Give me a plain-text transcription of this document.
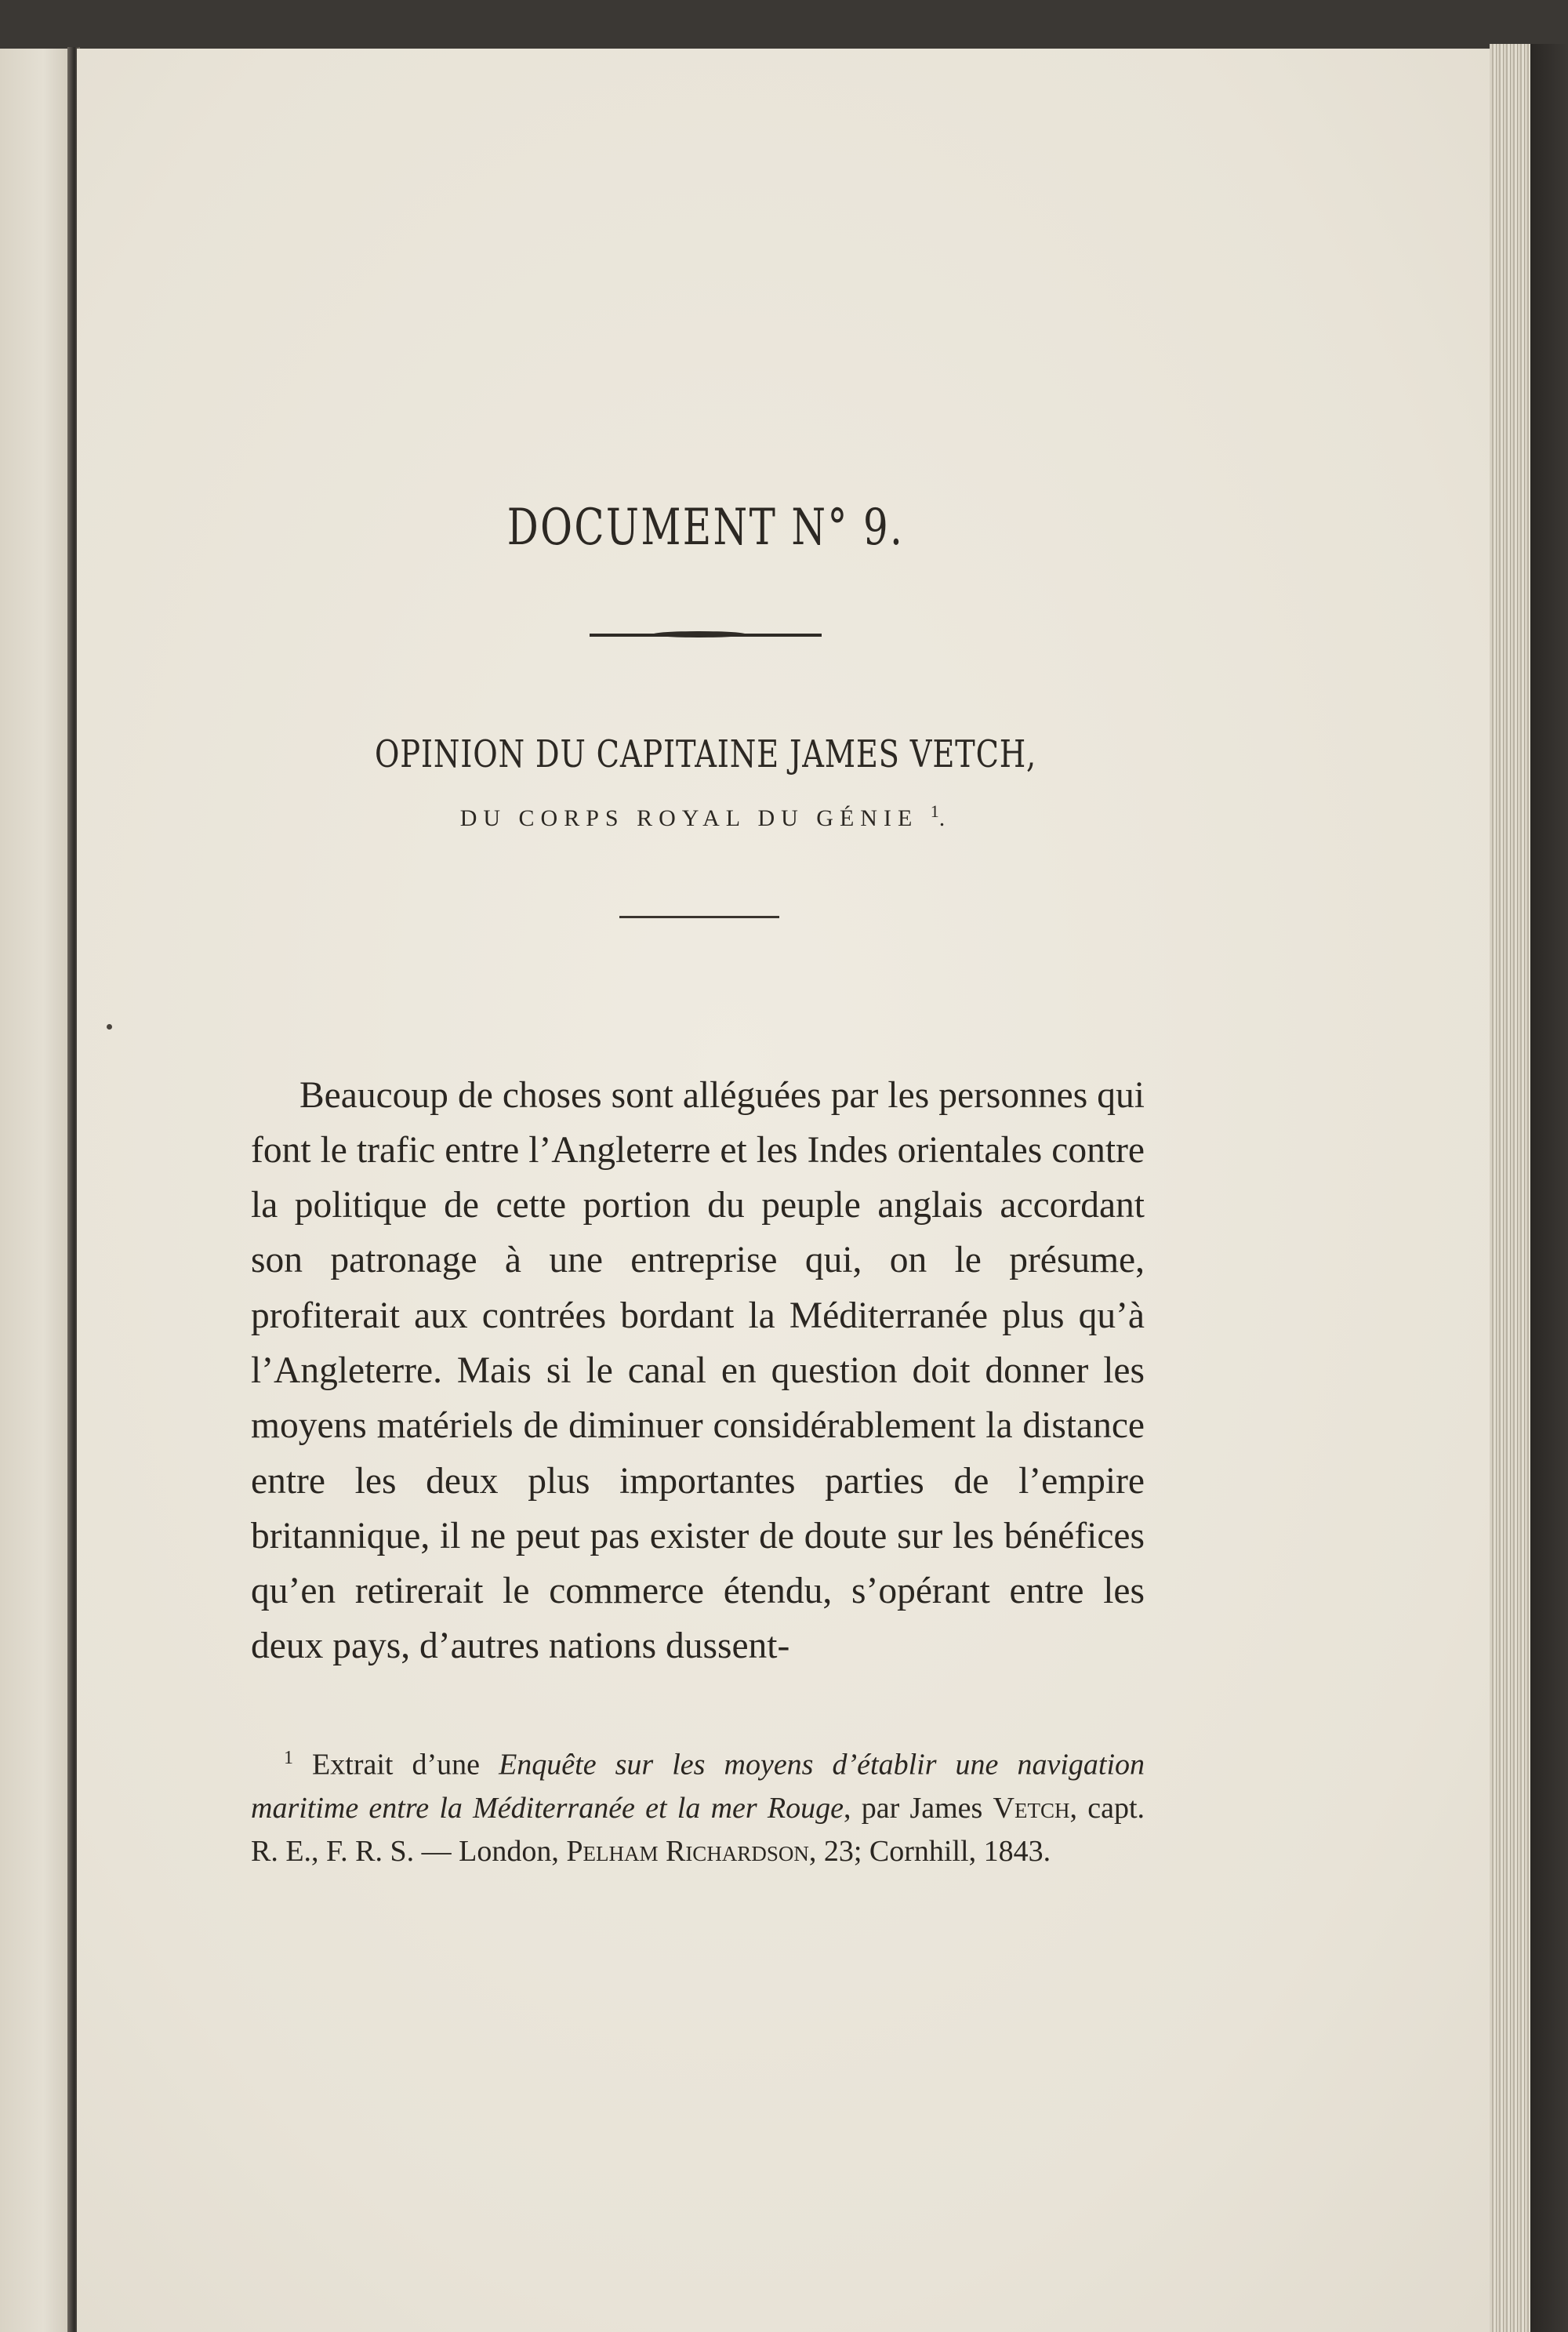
DOCUMENT N° 9.
OPINION DU CAPITAINE JAMES VETCH,
DU CORPS ROYAL DU GÉNIE $^1$.

Beaucoup de choses sont alléguées par les personnes qui font le trafic entre l’Angleterre et les Indes orientales contre la politique de cette portion du peuple anglais accordant son patronage à une entreprise qui, on le présume, profiterait aux contrées bordant la Méditerranée plus qu’à l’Angleterre. Mais si le canal en question doit donner les moyens matériels de diminuer considérablement la distance entre les deux plus importantes parties de l’empire britannique, il ne peut pas exister de doute sur les bénéfices qu’en retirerait le commerce étendu, s’opérant entre les deux pays, d’autres nations dussent-

$^1$ Extrait d’une Enquête sur les moyens d’établir une navigation maritime entre la Méditerranée et la mer Rouge, par James Vetch, capt. R. E., F. R. S. — London, Pelham Richardson, 23; Cornhill, 1843.
